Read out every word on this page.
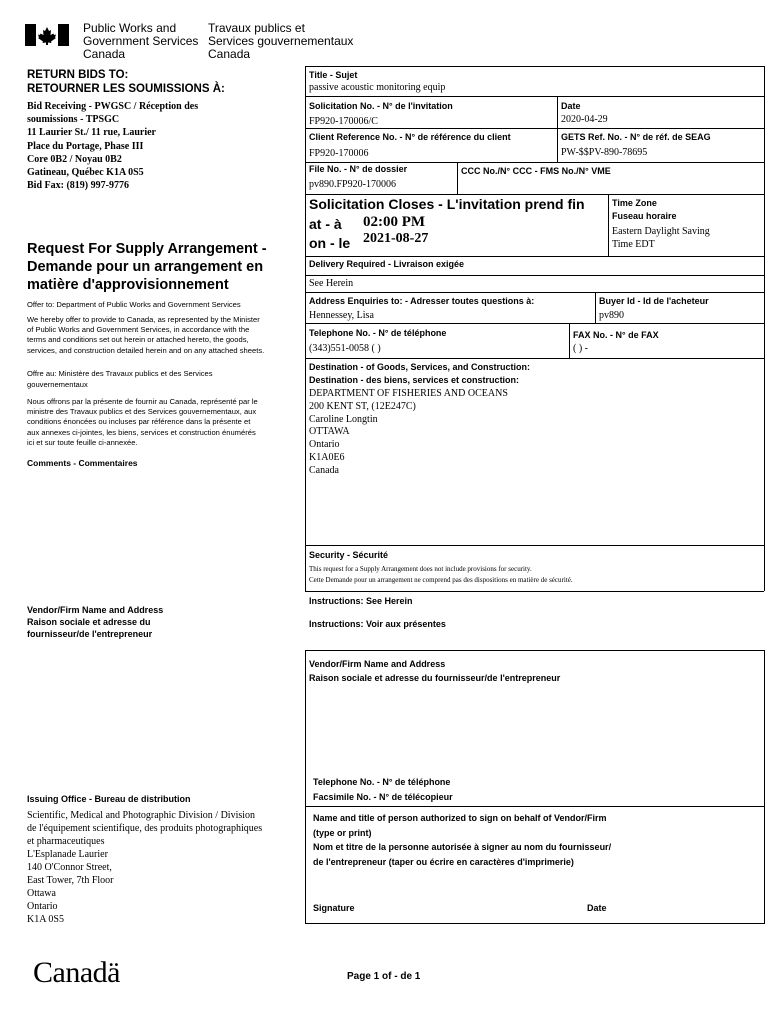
Public Works and
Government Services
Canada
Travaux publics et
Services gouvernementaux
Canada
RETURN BIDS TO:
RETOURNER LES SOUMISSIONS À:
Bid Receiving - PWGSC / Réception des
soumissions - TPSGC
11 Laurier St./ 11 rue, Laurier
Place du Portage, Phase III
Core 0B2 / Noyau 0B2
Gatineau, Québec K1A 0S5
Bid Fax: (819) 997-9776
Request For Supply Arrangement -
Demande pour un arrangement en
matière d'approvisionnement
Offer to: Department of Public Works and Government Services
We hereby offer to provide to Canada, as represented by the Minister
of Public Works and Government Services, in accordance with the
terms and conditions set out herein or attached hereto, the goods,
services, and construction detailed herein and on any attached sheets.
Offre au: Ministère des Travaux publics et des Services
gouvernementaux
Nous offrons par la présente de fournir au Canada, représenté par le
ministre des Travaux publics et des Services gouvernementaux, aux
conditions énoncées ou incluses par référence dans la présente et
aux annexes ci-jointes, les biens, services et construction énumérés
ici et sur toute feuille ci-annexée.
Comments - Commentaires
Vendor/Firm Name and Address
Raison sociale et adresse du
fournisseur/de l'entrepreneur
Issuing Office - Bureau de distribution
Scientific, Medical and Photographic Division / Division
de l'équipement scientifique, des produits photographiques
et pharmaceutiques
L'Esplanade Laurier
140 O'Connor Street,
East Tower, 7th Floor
Ottawa
Ontario
K1A 0S5
Title - Sujet
passive acoustic monitoring equip
Solicitation No. - N° de l'invitation
FP920-170006/C
Date
2020-04-29
Client Reference No. - N° de référence du client
FP920-170006
GETS Ref. No. - N° de réf. de SEAG
PW-$$PV-890-78695
File No. - N° de dossier
pv890.FP920-170006
CCC No./N° CCC - FMS No./N° VME
Solicitation Closes - L'invitation prend fin
at - à 02:00 PM
on - le 2021-08-27
Time Zone
Fuseau horaire
Eastern Daylight Saving
Time EDT
Delivery Required - Livraison exigée
See Herein
Address Enquiries to: - Adresser toutes questions à:
Hennessey, Lisa
Buyer Id - Id de l'acheteur
pv890
Telephone No. - N° de téléphone
(343)551-0058 ( )
FAX No. - N° de FAX
( ) -
Destination - of Goods, Services, and Construction:
Destination - des biens, services et construction:
DEPARTMENT OF FISHERIES AND OCEANS
200 KENT ST, (12E247C)
Caroline Longtin
OTTAWA
Ontario
K1A0E6
Canada
Security - Sécurité
This request for a Supply Arrangement does not include provisions for security.
Cette Demande pour un arrangement ne comprend pas des dispositions en matière de sécurité.
Instructions: See Herein
Instructions: Voir aux présentes
Vendor/Firm Name and Address
Raison sociale et adresse du fournisseur/de l'entrepreneur
Telephone No. - N° de téléphone
Facsimile No. - N° de télécopieur
Name and title of person authorized to sign on behalf of Vendor/Firm
(type or print)
Nom et titre de la personne autorisée à signer au nom du fournisseur/
de l'entrepreneur (taper ou écrire en caractères d'imprimerie)
Signature	Date
Canadä	Page 1 of - de 1
